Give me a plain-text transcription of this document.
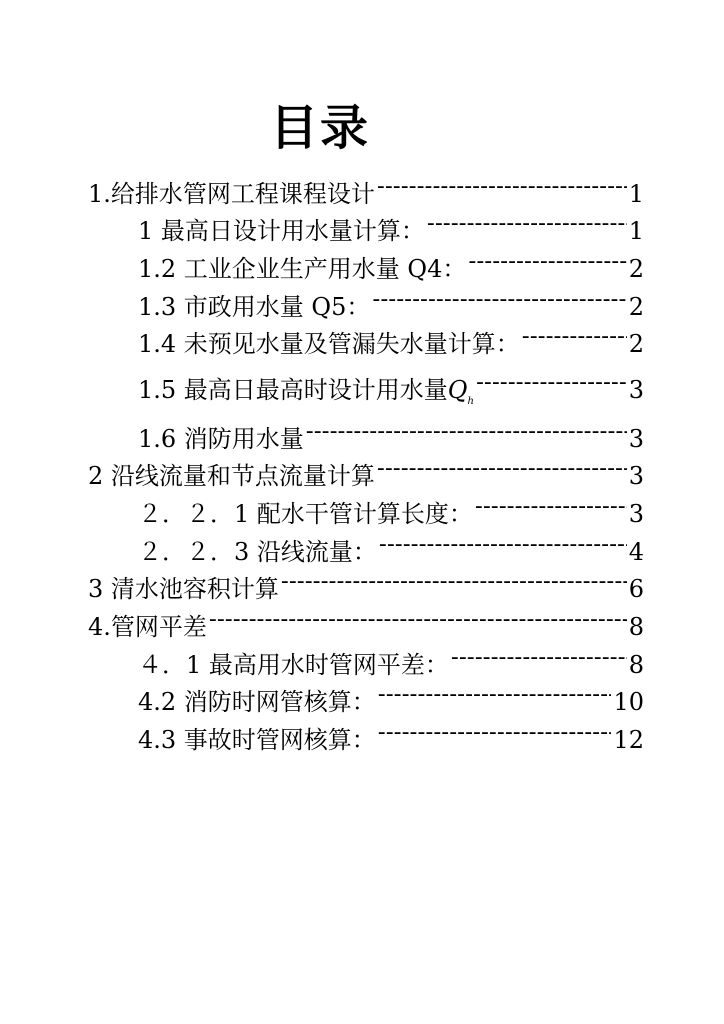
目录
1.给排水管网工程课程设计 -----	1
1 最高日设计用水量计算： -----	1
1.2 工业企业生产用水量 Q4： -----	2
1.3 市政用水量 Q5： -----	2
1.4 未预见水量及管漏失水量计算： -----	2
1.5 最高日最高时设计用水量$Q_h$ -----	3
1.6 消防用水量 -----	3
2 沿线流量和节点流量计算 -----	3
２．２．1 配水干管计算长度： -----	3
２．２．3 沿线流量： -----	4
3 清水池容积计算 -----	6
4.管网平差 -----	8
４．1 最高用水时管网平差： -----	8
4.2 消防时网管核算： -----	10
4.3 事故时管网核算： -----	12
